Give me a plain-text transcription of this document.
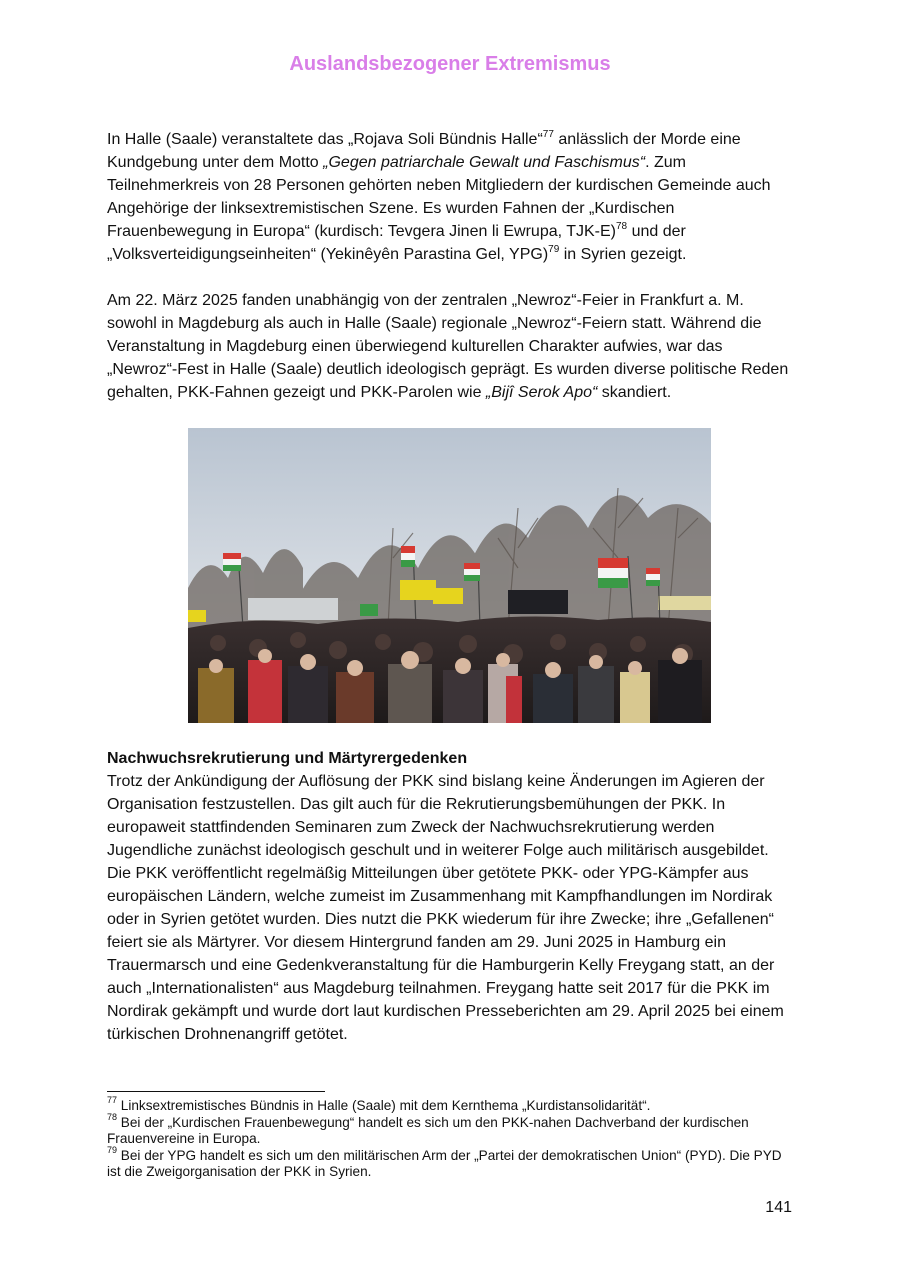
Auslandsbezogener Extremismus

In Halle (Saale) veranstaltete das „Rojava Soli Bündnis Halle“$^{77}$ anlässlich der Morde eine Kundgebung unter dem Motto „Gegen patriarchale Gewalt und Faschismus“. Zum Teilnehmerkreis von 28 Personen gehörten neben Mitgliedern der kurdischen Gemeinde auch Angehörige der linksextremistischen Szene. Es wurden Fahnen der „Kurdischen Frauenbewegung in Europa“ (kurdisch: Tevgera Jinen li Ewrupa, TJK-E)$^{78}$ und der „Volksverteidigungseinheiten“ (Yekinêyên Parastina Gel, YPG)$^{79}$ in Syrien gezeigt.

Am 22. März 2025 fanden unabhängig von der zentralen „Newroz“-Feier in Frankfurt a. M. sowohl in Magdeburg als auch in Halle (Saale) regionale „Newroz“-Feiern statt. Während die Veranstaltung in Magdeburg einen überwiegend kulturellen Charakter aufwies, war das „Newroz“-Fest in Halle (Saale) deutlich ideologisch geprägt. Es wurden diverse politische Reden gehalten, PKK-Fahnen gezeigt und PKK-Parolen wie „Bijî Serok Apo“ skandiert.

Nachwuchsrekrutierung und Märtyrergedenken

Trotz der Ankündigung der Auflösung der PKK sind bislang keine Änderungen im Agieren der Organisation festzustellen. Das gilt auch für die Rekrutierungsbemühungen der PKK. In europaweit stattfindenden Seminaren zum Zweck der Nachwuchsrekrutierung werden Jugendliche zunächst ideologisch geschult und in weiterer Folge auch militärisch ausgebildet. Die PKK veröffentlicht regelmäßig Mitteilungen über getötete PKK- oder YPG-Kämpfer aus europäischen Ländern, welche zumeist im Zusammenhang mit Kampfhandlungen im Nordirak oder in Syrien getötet wurden. Dies nutzt die PKK wiederum für ihre Zwecke; ihre „Gefallenen“ feiert sie als Märtyrer. Vor diesem Hintergrund fanden am 29. Juni 2025 in Hamburg ein Trauermarsch und eine Gedenkveranstaltung für die Hamburgerin Kelly Freygang statt, an der auch „Internationalisten“ aus Magdeburg teilnahmen. Freygang hatte seit 2017 für die PKK im Nordirak gekämpft und wurde dort laut kurdischen Presseberichten am 29. April 2025 bei einem türkischen Drohnenangriff getötet.

$^{77}$ Linksextremistisches Bündnis in Halle (Saale) mit dem Kernthema „Kurdistansolidarität“.
$^{78}$ Bei der „Kurdischen Frauenbewegung“ handelt es sich um den PKK-nahen Dachverband der kurdischen Frauenvereine in Europa.
$^{79}$ Bei der YPG handelt es sich um den militärischen Arm der „Partei der demokratischen Union“ (PYD). Die PYD ist die Zweigorganisation der PKK in Syrien.
141
